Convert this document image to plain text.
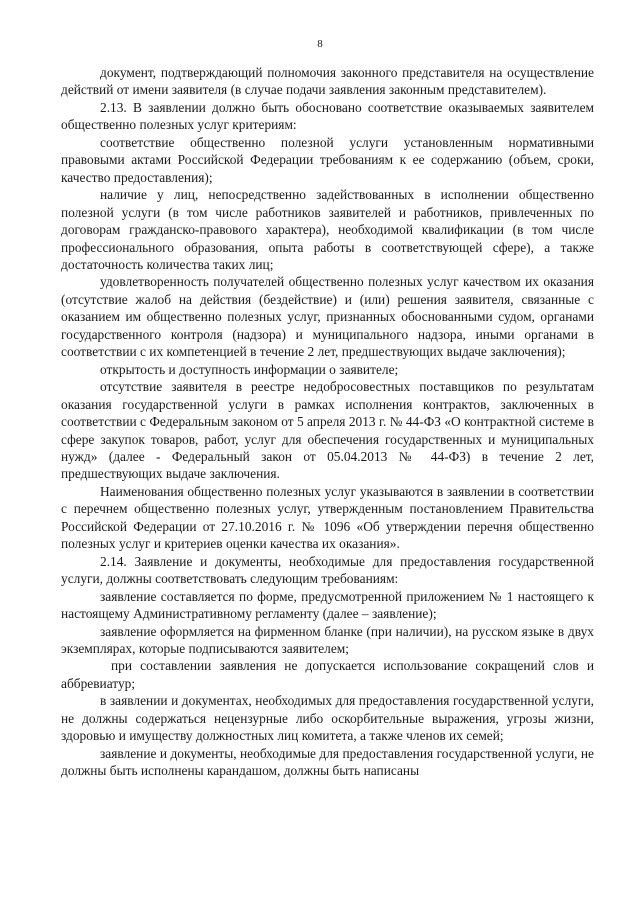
8

документ, подтверждающий полномочия законного представителя на осуществление действий от имени заявителя (в случае подачи заявления законным представителем).

2.13. В заявлении должно быть обосновано соответствие оказываемых заявителем общественно полезных услуг критериям:

соответствие общественно полезной услуги установленным нормативными правовыми актами Российской Федерации требованиям к ее содержанию (объем, сроки, качество предоставления);

наличие у лиц, непосредственно задействованных в исполнении общественно полезной услуги (в том числе работников заявителей и работников, привлеченных по договорам гражданско-правового характера), необходимой квалификации (в том числе профессионального образования, опыта работы в соответствующей сфере), а также достаточность количества таких лиц;

удовлетворенность получателей общественно полезных услуг качеством их оказания (отсутствие жалоб на действия (бездействие) и (или) решения заявителя, связанные с оказанием им общественно полезных услуг, признанных обоснованными судом, органами государственного контроля (надзора) и муниципального надзора, иными органами в соответствии с их компетенцией в течение 2 лет, предшествующих выдаче заключения);

открытость и доступность информации о заявителе;

отсутствие заявителя в реестре недобросовестных поставщиков по результатам оказания государственной услуги в рамках исполнения контрактов, заключенных в соответствии с Федеральным законом от 5 апреля 2013 г. № 44-ФЗ «О контрактной системе в сфере закупок товаров, работ, услуг для обеспечения государственных и муниципальных нужд» (далее - Федеральный закон от 05.04.2013 № 44-ФЗ) в течение 2 лет, предшествующих выдаче заключения.

Наименования общественно полезных услуг указываются в заявлении в соответствии с перечнем общественно полезных услуг, утвержденным постановлением Правительства Российской Федерации от 27.10.2016 г. № 1096 «Об утверждении перечня общественно полезных услуг и критериев оценки качества их оказания».

2.14. Заявление и документы, необходимые для предоставления государственной услуги, должны соответствовать следующим требованиям:

заявление составляется по форме, предусмотренной приложением № 1 настоящего к настоящему Административному регламенту (далее – заявление);

заявление оформляется на фирменном бланке (при наличии), на русском языке в двух экземплярах, которые подписываются заявителем;

при составлении заявления не допускается использование сокращений слов и аббревиатур;

в заявлении и документах, необходимых для предоставления государственной услуги, не должны содержаться нецензурные либо оскорбительные выражения, угрозы жизни, здоровью и имуществу должностных лиц комитета, а также членов их семей;

заявление и документы, необходимые для предоставления государственной услуги, не должны быть исполнены карандашом, должны быть написаны
